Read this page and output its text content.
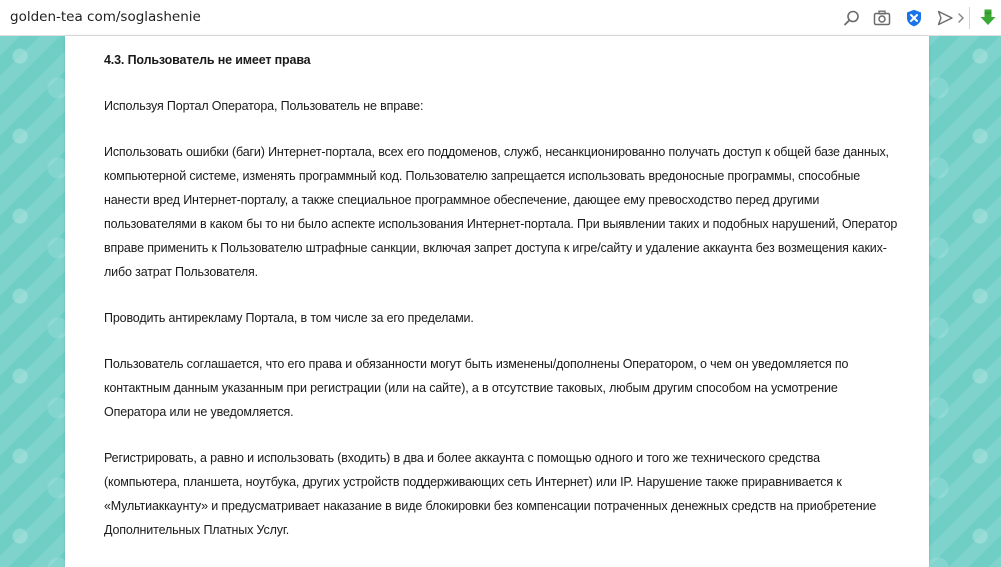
golden-tea com/soglashenie

4.3. Пользователь не имеет права

Используя Портал Оператора, Пользователь не вправе:

Использовать ошибки (баги) Интернет-портала, всех его поддоменов, служб, несанкционированно получать доступ к общей базе данных,
компьютерной системе, изменять программный код. Пользователю запрещается использовать вредоносные программы, способные
нанести вред Интернет-порталу, а также специальное программное обеспечение, дающее ему превосходство перед другими
пользователями в каком бы то ни было аспекте использования Интернет-портала. При выявлении таких и подобных нарушений, Оператор
вправе применить к Пользователю штрафные санкции, включая запрет доступа к игре/сайту и удаление аккаунта без возмещения каких-
либо затрат Пользователя.

Проводить антирекламу Портала, в том числе за его пределами.

Пользователь соглашается, что его права и обязанности могут быть изменены/дополнены Оператором, о чем он уведомляется по
контактным данным указанным при регистрации (или на сайте), а в отсутствие таковых, любым другим способом на усмотрение
Оператора или не уведомляется.

Регистрировать, а равно и использовать (входить) в два и более аккаунта с помощью одного и того же технического средства
(компьютера, планшета, ноутбука, других устройств поддерживающих сеть Интернет) или IP. Нарушение также приравнивается к
«Мультиаккаунту» и предусматривает наказание в виде блокировки без компенсации потраченных денежных средств на приобретение
Дополнительных Платных Услуг.
